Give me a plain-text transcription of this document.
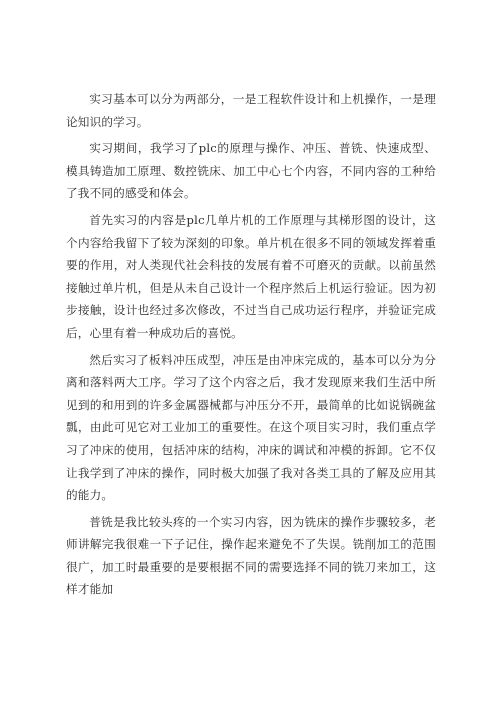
实习基本可以分为两部分，一是工程软件设计和上机操作，一是理论知识的学习。

实习期间，我学习了plc的原理与操作、冲压、普铣、快速成型、模具铸造加工原理、数控铣床、加工中心七个内容，不同内容的工种给了我不同的感受和体会。

首先实习的内容是plc几单片机的工作原理与其梯形图的设计，这个内容给我留下了较为深刻的印象。单片机在很多不同的领域发挥着重要的作用，对人类现代社会科技的发展有着不可磨灭的贡献。以前虽然接触过单片机，但是从未自己设计一个程序然后上机运行验证。因为初步接触，设计也经过多次修改，不过当自己成功运行程序，并验证完成后，心里有着一种成功后的喜悦。

然后实习了板料冲压成型，冲压是由冲床完成的，基本可以分为分离和落料两大工序。学习了这个内容之后，我才发现原来我们生活中所见到的和用到的许多金属器械都与冲压分不开，最简单的比如说锅碗盆瓢，由此可见它对工业加工的重要性。在这个项目实习时，我们重点学习了冲床的使用，包括冲床的结构，冲床的调试和冲模的拆卸。它不仅让我学到了冲床的操作，同时极大加强了我对各类工具的了解及应用其的能力。

普铣是我比较头疼的一个实习内容，因为铣床的操作步骤较多，老师讲解完我很难一下子记住，操作起来避免不了失误。铣削加工的范围很广，加工时最重要的是要根据不同的需要选择不同的铣刀来加工，这样才能加
